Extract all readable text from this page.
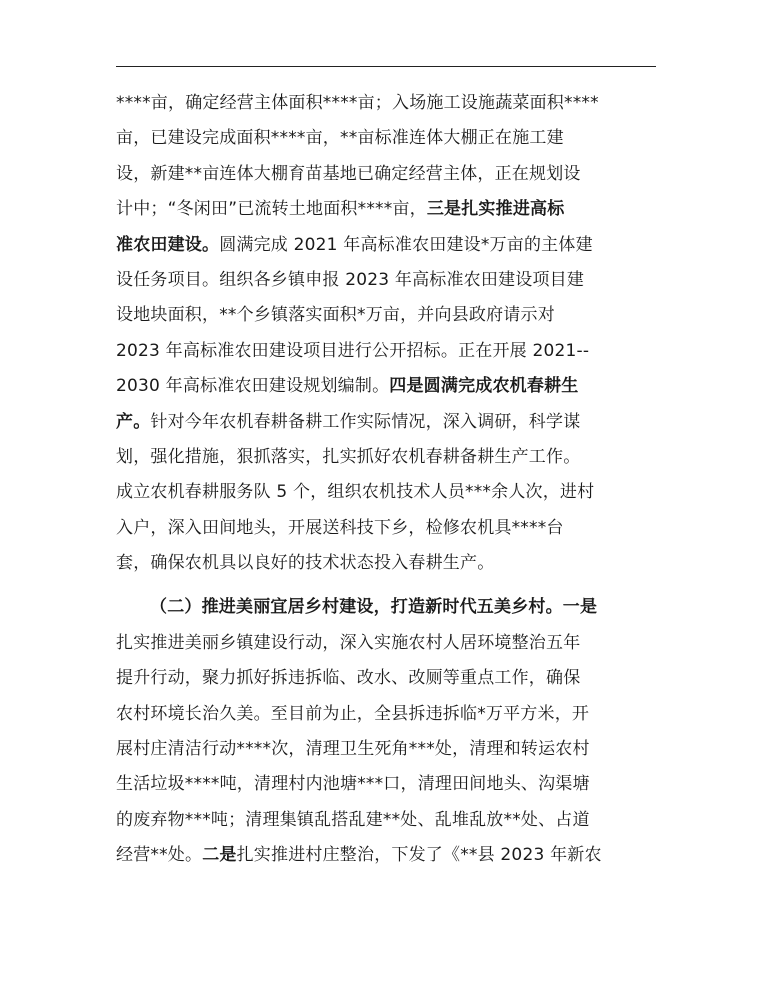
****亩，确定经营主体面积****亩；入场施工设施蔬菜面积****
亩，已建设完成面积****亩，**亩标准连体大棚正在施工建
设，新建**亩连体大棚育苗基地已确定经营主体，正在规划设
计中；“冬闲田”已流转土地面积****亩，三是扎实推进高标
准农田建设。圆满完成 2021 年高标准农田建设*万亩的主体建
设任务项目。组织各乡镇申报 2023 年高标准农田建设项目建
设地块面积，**个乡镇落实面积*万亩，并向县政府请示对
2023 年高标准农田建设项目进行公开招标。正在开展 2021--
2030 年高标准农田建设规划编制。四是圆满完成农机春耕生
产。针对今年农机春耕备耕工作实际情况，深入调研，科学谋
划，强化措施，狠抓落实，扎实抓好农机春耕备耕生产工作。
成立农机春耕服务队 5 个，组织农机技术人员***余人次，进村
入户，深入田间地头，开展送科技下乡，检修农机具****台
套，确保农机具以良好的技术状态投入春耕生产。
（二）推进美丽宜居乡村建设，打造新时代五美乡村。一是
扎实推进美丽乡镇建设行动，深入实施农村人居环境整治五年
提升行动，聚力抓好拆违拆临、改水、改厕等重点工作，确保
农村环境长治久美。至目前为止，全县拆违拆临*万平方米，开
展村庄清洁行动****次，清理卫生死角***处，清理和转运农村
生活垃圾****吨，清理村内池塘***口，清理田间地头、沟渠塘
的废弃物***吨；清理集镇乱搭乱建**处、乱堆乱放**处、占道
经营**处。二是扎实推进村庄整治，下发了《**县 2023 年新农
